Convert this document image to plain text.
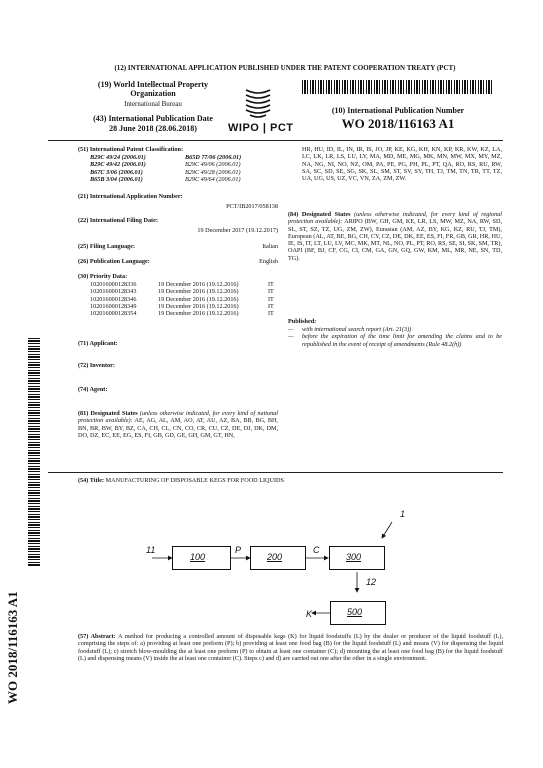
(12) INTERNATIONAL APPLICATION PUBLISHED UNDER THE PATENT COOPERATION TREATY (PCT)
(19) World Intellectual Property
Organization
International Bureau
(43) International Publication Date
28 June 2018 (28.06.2018)	WIPO | PCT
(10) International Publication Number
WO 2018/116163 A1
(51) International Patent Classification:
B29C 49/24 (2006.01)	B65D 77/06 (2006.01)
B29C 49/42 (2006.01)	B29C 49/06 (2006.01)
B67C 3/06 (2006.01)	B29C 49/28 (2006.01)
B65B 3/04 (2006.01)	B29C 49/64 (2006.01)
(21) International Application Number:
PCT/IB2017/058138
(22) International Filing Date:
19 December 2017 (19.12.2017)
(25) Filing Language:	Italian
(26) Publication Language:	English
(30) Priority Data:
102016000128336	19 December 2016 (19.12.2016)	IT
102016000128343	19 December 2016 (19.12.2016)	IT
102016000128346	19 December 2016 (19.12.2016)	IT
102016000128349	19 December 2016 (19.12.2016)	IT
102016000128354	19 December 2016 (19.12.2016)	IT
(71) Applicant:
(72) Inventor:
(74) Agent:
(81) Designated States (unless otherwise indicated, for every kind of national protection available): AE, AG, AL, AM, AO, AT, AU, AZ, BA, BB, BG, BH, BN, BR, BW, BY, BZ, CA, CH, CL, CN, CO, CR, CU, CZ, DE, DJ, DK, DM, DO, DZ, EC, EE, EG, ES, FI, GB, GD, GE, GH, GM, GT, HN,
HR, HU, ID, IL, IN, IR, IS, JO, JP, KE, KG, KH, KN, KP, KR, KW, KZ, LA, LC, LK, LR, LS, LU, LY, MA, MD, ME, MG, MK, MN, MW, MX, MY, MZ, NA, NG, NI, NO, NZ, OM, PA, PE, PG, PH, PL, PT, QA, RO, RS, RU, RW, SA, SC, SD, SE, SG, SK, SL, SM, ST, SV, SY, TH, TJ, TM, TN, TR, TT, TZ, UA, UG, US, UZ, VC, VN, ZA, ZM, ZW.
(84) Designated States (unless otherwise indicated, for every kind of regional protection available): ARIPO (BW, GH, GM, KE, LR, LS, MW, MZ, NA, RW, SD, SL, ST, SZ, TZ, UG, ZM, ZW), Eurasian (AM, AZ, BY, KG, KZ, RU, TJ, TM), European (AL, AT, BE, BG, CH, CY, CZ, DE, DK, EE, ES, FI, FR, GB, GR, HR, HU, IE, IS, IT, LT, LU, LV, MC, MK, MT, NL, NO, PL, PT, RO, RS, SE, SI, SK, SM, TR), OAPI (BF, BJ, CF, CG, CI, CM, GA, GN, GQ, GW, KM, ML, MR, NE, SN, TD, TG).
Published:
—	with international search report (Art. 21(3))
—	before the expiration of the time limit for amending the claims and to be republished in the event of receipt of amendments (Rule 48.2(h))
(54) Title: MANUFACTURING OF DISPOSABLE KEGS FOR FOOD LIQUIDS
1
11
100
P
200
C
300
12
K	500
(57) Abstract: A method for producing a controlled amount of disposable kegs (K) for liquid foodstuffs (L) by the dealer or producer of the liquid foodstuff (L), comprising the steps of: a) providing at least one preform (P); b) providing at least one food bag (B) for the liquid foodstuff (L) and means (V) for dispensing the liquid foodstuff (L); c) stretch blow-moulding the at least one preform (P) to obtain at least one container (C); d) mounting the at least one food bag (B) for the liquid foodstuff (L) and dispensing means (V) inside the at least one container (C). Steps c) and d) are carried out one after the other in a single environment.
WO 2018/116163 A1
